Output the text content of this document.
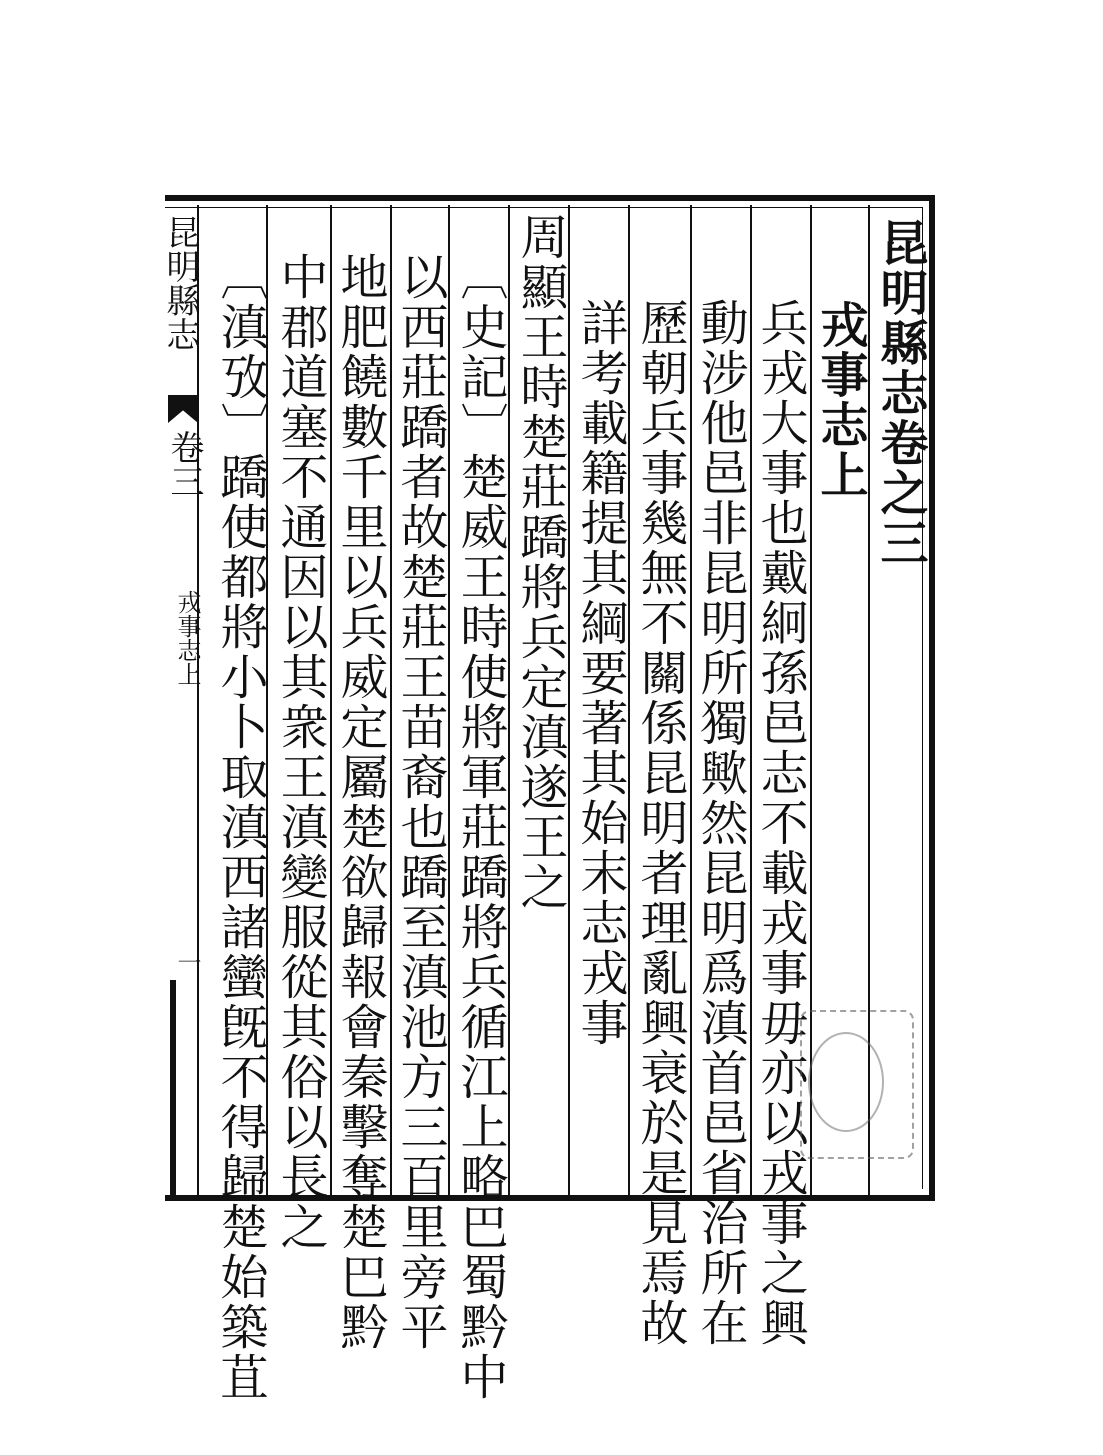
昆明縣志
卷三
戎事志上
一
昆明縣志卷之三
戎事志上
兵戎大事也戴絅孫邑志不載戎事毋亦以戎事之興
動涉他邑非昆明所獨歟然昆明爲滇首邑省治所在
歷朝兵事幾無不關係昆明者理亂興衰於是見焉故
詳考載籍提其綱要著其始末志戎事
周顯王時楚莊蹻將兵定滇遂王之
〔史記〕楚威王時使將軍莊蹻將兵循江上略巴蜀黔中
以西莊蹻者故楚莊王苗裔也蹻至滇池方三百里旁平
地肥饒數千里以兵威定屬楚欲歸報會秦擊奪楚巴黔
中郡道塞不通因以其衆王滇變服從其俗以長之
〔滇攷〕蹻使都將小卜取滇西諸蠻旣不得歸楚始築苴
